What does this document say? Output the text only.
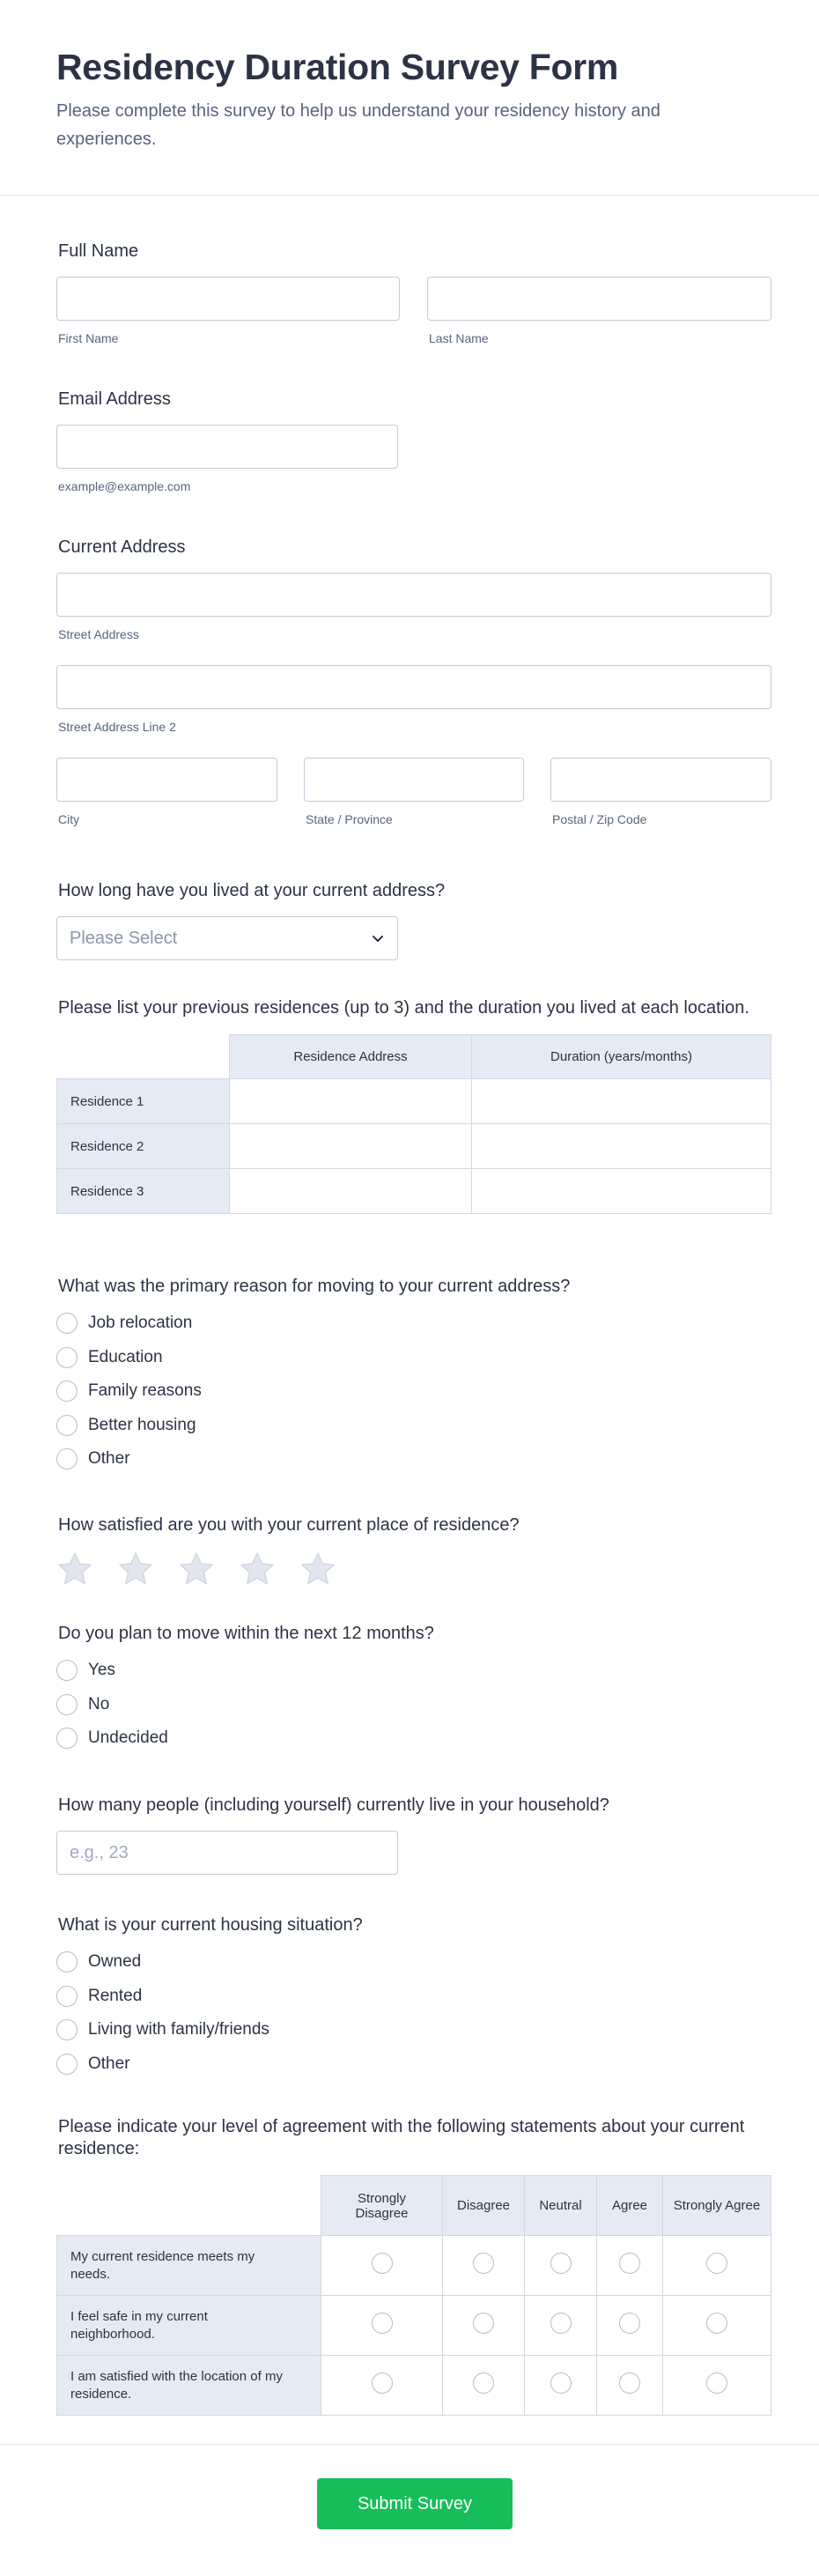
Residency Duration Survey Form

Please complete this survey to help us understand your residency history and experiences.

Full Name
First Name	Last Name
Email Address
example@example.com
Current Address
Street Address
Street Address Line 2
City	State / Province	Postal / Zip Code
How long have you lived at your current address?
Please Select
Please list your previous residences (up to 3) and the duration you lived at each location.
	Residence Address	Duration (years/months)
Residence 1		
Residence 2		
Residence 3		
What was the primary reason for moving to your current address?
Job relocation
Education
Family reasons
Better housing
Other
How satisfied are you with your current place of residence?
Do you plan to move within the next 12 months?
Yes
No
Undecided
How many people (including yourself) currently live in your household?
e.g., 23
What is your current housing situation?
Owned
Rented
Living with family/friends
Other
Please indicate your level of agreement with the following statements about your current residence:
	Strongly Disagree	Disagree	Neutral	Agree	Strongly Agree
My current residence meets my needs.					
I feel safe in my current neighborhood.					
I am satisfied with the location of my residence.					
Submit Survey
